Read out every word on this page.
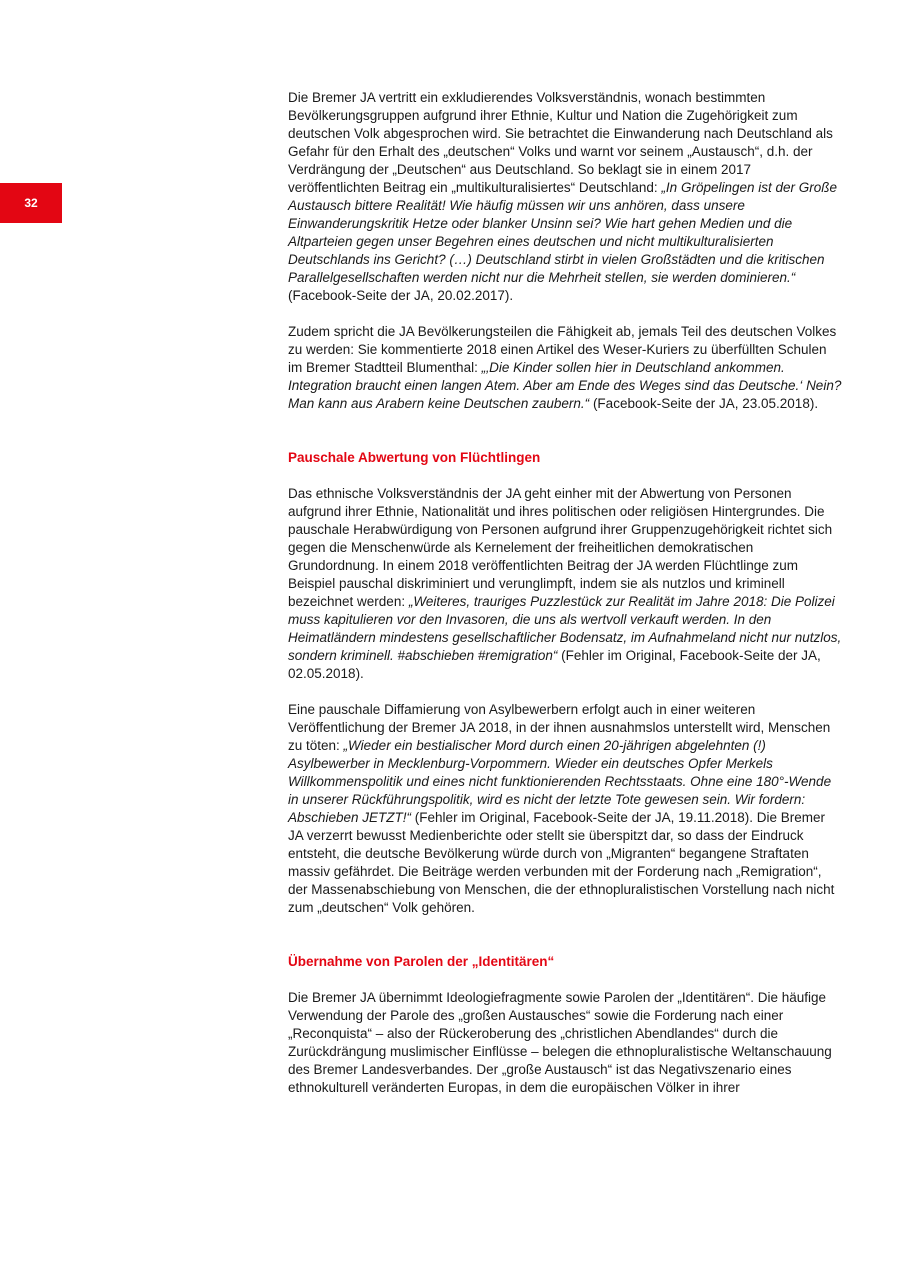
32

Die Bremer JA vertritt ein exkludierendes Volksverständnis, wonach bestimmten Bevölkerungsgruppen aufgrund ihrer Ethnie, Kultur und Nation die Zugehörigkeit zum deutschen Volk abgesprochen wird. Sie betrachtet die Einwanderung nach Deutschland als Gefahr für den Erhalt des „deutschen“ Volks und warnt vor seinem „Austausch“, d.h. der Verdrängung der „Deutschen“ aus Deutschland. So beklagt sie in einem 2017 veröffentlichten Beitrag ein „multikulturalisiertes“ Deutschland: „In Gröpelingen ist der Große Austausch bittere Realität! Wie häufig müssen wir uns anhören, dass unsere Einwanderungskritik Hetze oder blanker Unsinn sei? Wie hart gehen Medien und die Altparteien gegen unser Begehren eines deutschen und nicht multikulturalisierten Deutschlands ins Gericht? (…) Deutschland stirbt in vielen Großstädten und die kritischen Parallelgesellschaften werden nicht nur die Mehrheit stellen, sie werden dominieren.“ (Facebook-Seite der JA, 20.02.2017).

Zudem spricht die JA Bevölkerungsteilen die Fähigkeit ab, jemals Teil des deutschen Volkes zu werden: Sie kommentierte 2018 einen Artikel des Weser-Kuriers zu überfüllten Schulen im Bremer Stadtteil Blumenthal: „‚Die Kinder sollen hier in Deutschland ankommen. Integration braucht einen langen Atem. Aber am Ende des Weges sind das Deutsche.‘ Nein? Man kann aus Arabern keine Deutschen zaubern.“ (Facebook-Seite der JA, 23.05.2018).

Pauschale Abwertung von Flüchtlingen

Das ethnische Volksverständnis der JA geht einher mit der Abwertung von Personen aufgrund ihrer Ethnie, Nationalität und ihres politischen oder religiösen Hintergrundes. Die pauschale Herabwürdigung von Personen aufgrund ihrer Gruppenzugehörigkeit richtet sich gegen die Menschenwürde als Kernelement der freiheitlichen demokratischen Grundordnung. In einem 2018 veröffentlichten Beitrag der JA werden Flüchtlinge zum Beispiel pauschal diskriminiert und verunglimpft, indem sie als nutzlos und kriminell bezeichnet werden: „Weiteres, trauriges Puzzlestück zur Realität im Jahre 2018: Die Polizei muss kapitulieren vor den Invasoren, die uns als wertvoll verkauft werden. In den Heimatländern mindestens gesellschaftlicher Bodensatz, im Aufnahmeland nicht nur nutzlos, sondern kriminell. #abschieben #remigration“ (Fehler im Original, Facebook-Seite der JA, 02.05.2018).

Eine pauschale Diffamierung von Asylbewerbern erfolgt auch in einer weiteren Veröffentlichung der Bremer JA 2018, in der ihnen ausnahmslos unterstellt wird, Menschen zu töten: „Wieder ein bestialischer Mord durch einen 20-jährigen abgelehnten (!) Asylbewerber in Mecklenburg-Vorpommern. Wieder ein deutsches Opfer Merkels Willkommenspolitik und eines nicht funktionierenden Rechtsstaats. Ohne eine 180°-Wende in unserer Rückführungspolitik, wird es nicht der letzte Tote gewesen sein. Wir fordern: Abschieben JETZT!“ (Fehler im Original, Facebook-Seite der JA, 19.11.2018). Die Bremer JA verzerrt bewusst Medienberichte oder stellt sie überspitzt dar, so dass der Eindruck entsteht, die deutsche Bevölkerung würde durch von „Migranten“ begangene Straftaten massiv gefährdet. Die Beiträge werden verbunden mit der Forderung nach „Remigration“, der Massenabschiebung von Menschen, die der ethnopluralistischen Vorstellung nach nicht zum „deutschen“ Volk gehören.

Übernahme von Parolen der „Identitären“

Die Bremer JA übernimmt Ideologiefragmente sowie Parolen der „Identitären“. Die häufige Verwendung der Parole des „großen Austausches“ sowie die Forderung nach einer „Reconquista“ – also der Rückeroberung des „christlichen Abendlandes“ durch die Zurückdrängung muslimischer Einflüsse – belegen die ethnopluralistische Weltanschauung des Bremer Landesverbandes. Der „große Austausch“ ist das Negativszenario eines ethnokulturell veränderten Europas, in dem die europäischen Völker in ihrer
